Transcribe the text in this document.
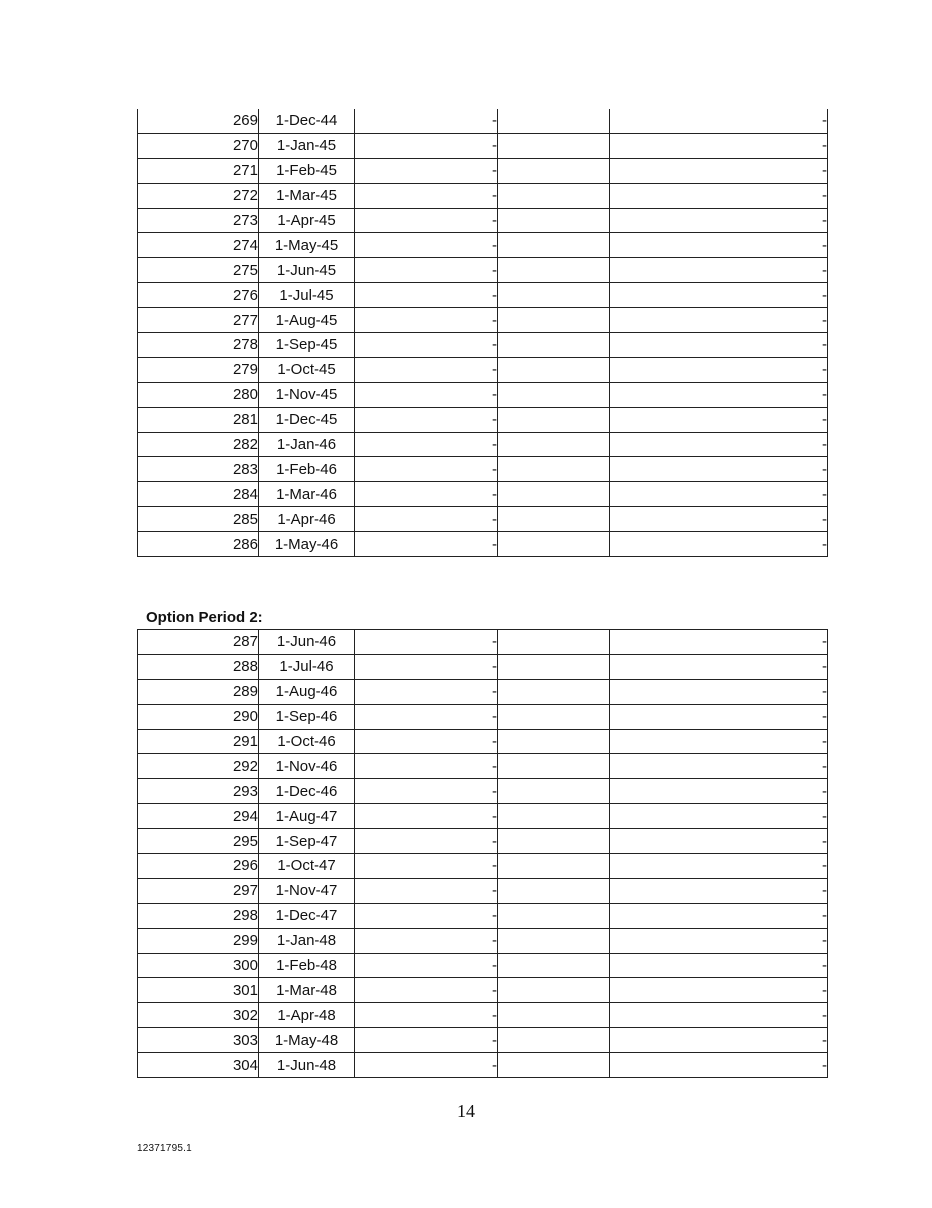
269	1-Dec-44	-		-
270	1-Jan-45	-		-
271	1-Feb-45	-		-
272	1-Mar-45	-		-
273	1-Apr-45	-		-
274	1-May-45	-		-
275	1-Jun-45	-		-
276	1-Jul-45	-		-
277	1-Aug-45	-		-
278	1-Sep-45	-		-
279	1-Oct-45	-		-
280	1-Nov-45	-		-
281	1-Dec-45	-		-
282	1-Jan-46	-		-
283	1-Feb-46	-		-
284	1-Mar-46	-		-
285	1-Apr-46	-		-
286	1-May-46	-		-
Option Period 2:
287	1-Jun-46	-		-
288	1-Jul-46	-		-
289	1-Aug-46	-		-
290	1-Sep-46	-		-
291	1-Oct-46	-		-
292	1-Nov-46	-		-
293	1-Dec-46	-		-
294	1-Aug-47	-		-
295	1-Sep-47	-		-
296	1-Oct-47	-		-
297	1-Nov-47	-		-
298	1-Dec-47	-		-
299	1-Jan-48	-		-
300	1-Feb-48	-		-
301	1-Mar-48	-		-
302	1-Apr-48	-		-
303	1-May-48	-		-
304	1-Jun-48	-		-
14
12371795.1
